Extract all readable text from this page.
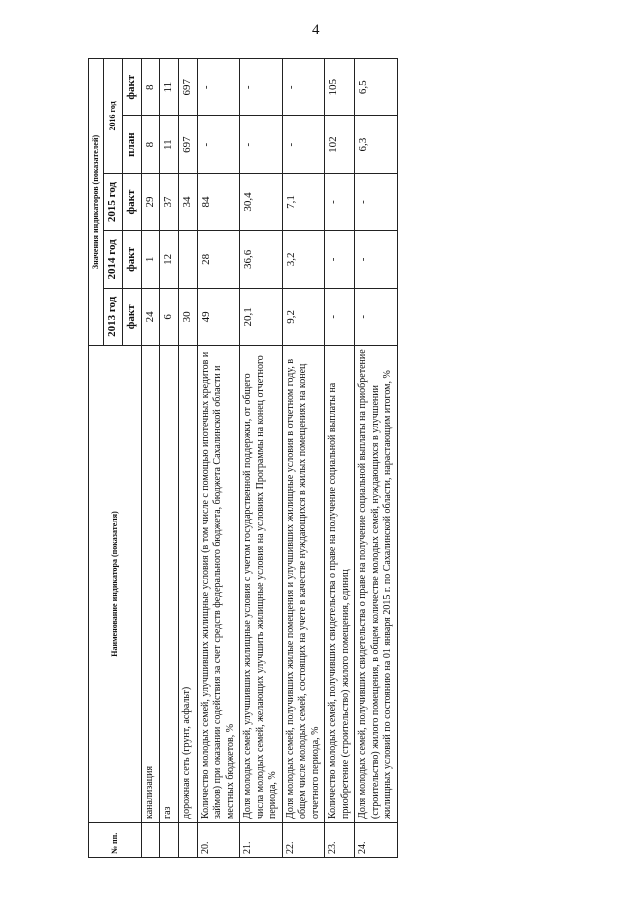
4
№ пп.	Наименование индикатора (показателя)	Значения индикаторов (показателей)				
		2013 год	2014 год	2015 год	2016 год	
		факт	факт	факт	план	факт
	канализация	24	1	29	8	8
	газ	6	12	37	11	11
	дорожная сеть (грунт, асфальт)	30		34	697	697
20.	Количество молодых семей, улучшивших жилищные условия (в том числе с помощью ипотечных кредитов и займов) при оказании содействия за счет средств федерального бюджета, бюджета Сахалинской области и местных бюджетов, %	49	28	84	-	-
21.	Доля молодых семей, улучшивших жилищные условия с учетом государственной поддержки, от общего числа молодых семей, желающих улучшить жилищные условия на условиях Программы на конец отчетного периода, %	20,1	36,6	30,4	-	-
22.	Доля молодых семей, получивших жилые помещения и улучшивших жилищные условия в отчетном году, в общем числе молодых семей, состоящих на учете в качестве нуждающихся в жилых помещениях на конец отчетного периода, %	9,2	3,2	7,1	-	-
23.	Количество молодых семей, получивших свидетельства о праве на получение социальной выплаты на приобретение (строительство) жилого помещения, единиц	-	-	-	102	105
24.	Доля молодых семей, получивших свидетельства о праве на получение социальной выплаты на приобретение (строительство) жилого помещения, в общем количестве молодых семей, нуждающихся в улучшении жилищных условий по состоянию на 01 января 2015 г. по Сахалинской области, нарастающим итогом, %	-	-	-	6,3	6,5
